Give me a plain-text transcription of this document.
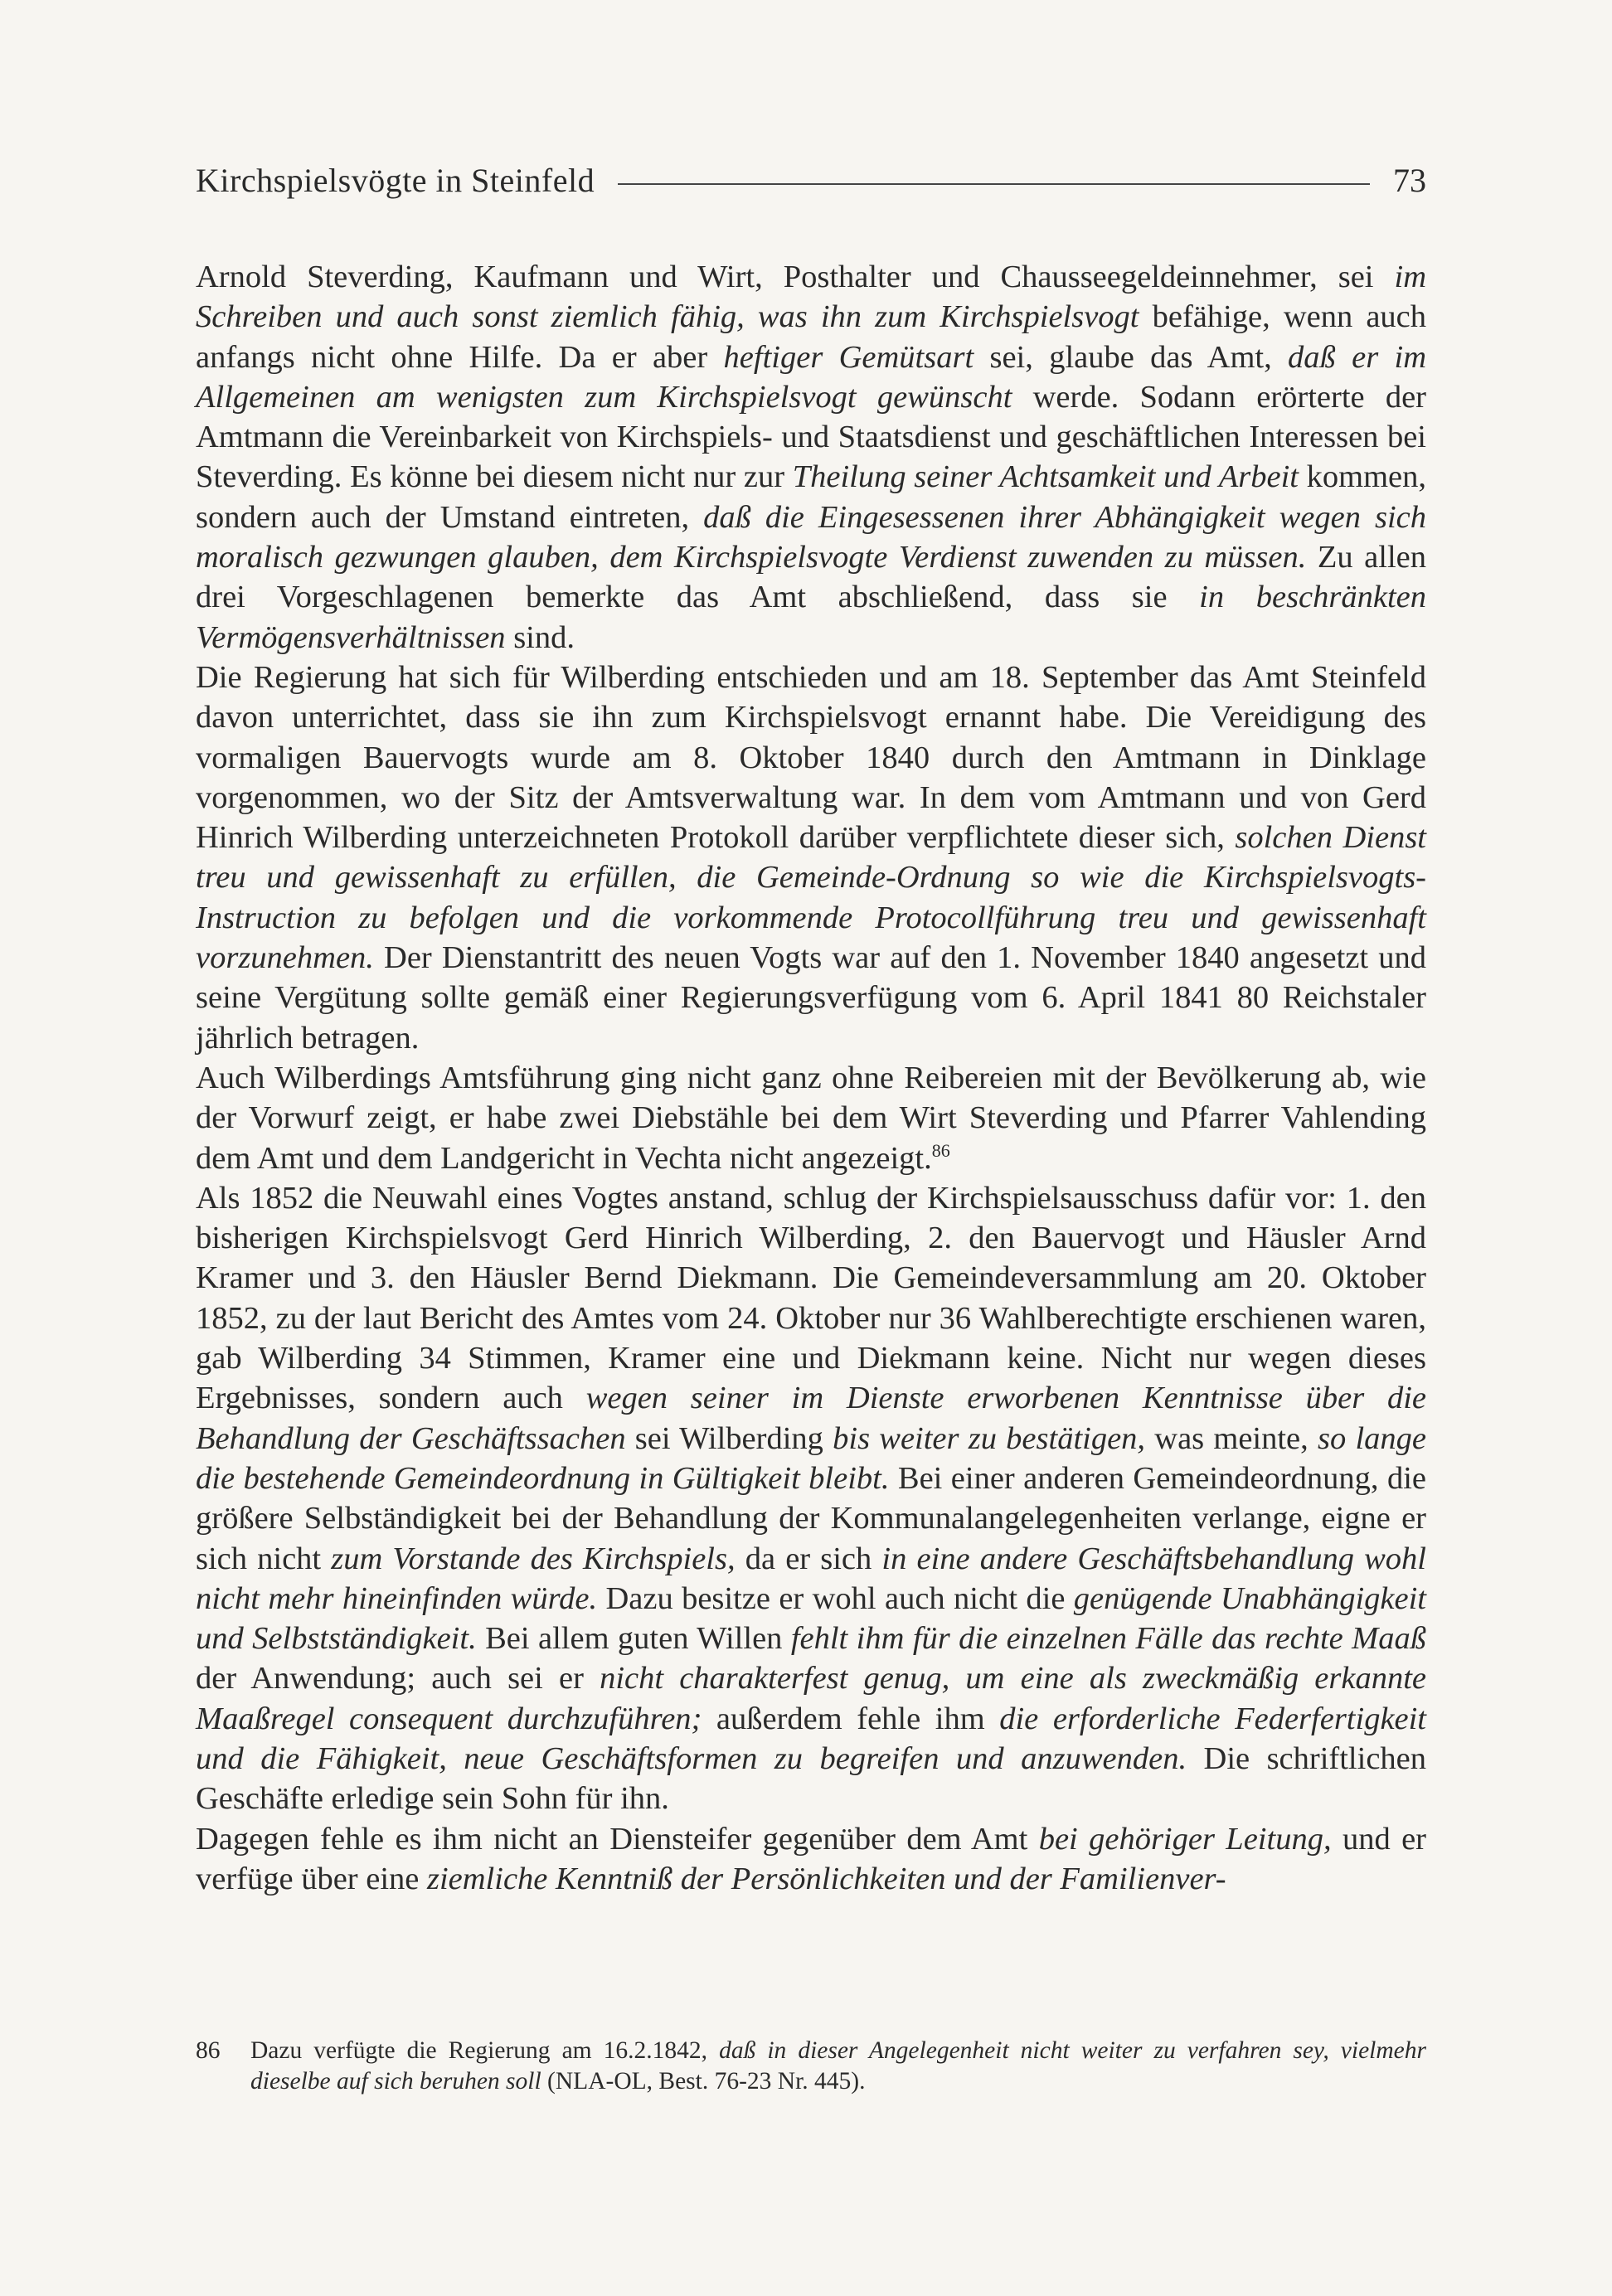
Kirchspielsvögte in Steinfeld	73

Arnold Steverding, Kaufmann und Wirt, Posthalter und Chausseegeldeinnehmer, sei im Schreiben und auch sonst ziemlich fähig, was ihn zum Kirchspielsvogt befähige, wenn auch anfangs nicht ohne Hilfe. Da er aber heftiger Gemütsart sei, glaube das Amt, daß er im Allgemeinen am wenigsten zum Kirchspielsvogt gewünscht werde. Sodann erörterte der Amtmann die Vereinbarkeit von Kirchspiels- und Staatsdienst und geschäftlichen Interessen bei Steverding. Es könne bei diesem nicht nur zur Theilung seiner Achtsamkeit und Arbeit kommen, sondern auch der Umstand eintreten, daß die Eingesessenen ihrer Abhängigkeit wegen sich moralisch gezwungen glauben, dem Kirchspielsvogte Verdienst zuwenden zu müssen. Zu allen drei Vorgeschlagenen bemerkte das Amt abschließend, dass sie in beschränkten Vermögensverhältnissen sind.

Die Regierung hat sich für Wilberding entschieden und am 18. September das Amt Steinfeld davon unterrichtet, dass sie ihn zum Kirchspielsvogt ernannt habe. Die Vereidigung des vormaligen Bauervogts wurde am 8. Oktober 1840 durch den Amtmann in Dinklage vorgenommen, wo der Sitz der Amtsverwaltung war. In dem vom Amtmann und von Gerd Hinrich Wilberding unterzeichneten Protokoll darüber verpflichtete dieser sich, solchen Dienst treu und gewissenhaft zu erfüllen, die Gemeinde-Ordnung so wie die Kirchspielsvogts-Instruction zu befolgen und die vorkommende Protocollführung treu und gewissenhaft vorzunehmen. Der Dienstantritt des neuen Vogts war auf den 1. November 1840 angesetzt und seine Vergütung sollte gemäß einer Regierungsverfügung vom 6. April 1841 80 Reichstaler jährlich betragen.

Auch Wilberdings Amtsführung ging nicht ganz ohne Reibereien mit der Bevölkerung ab, wie der Vorwurf zeigt, er habe zwei Diebstähle bei dem Wirt Steverding und Pfarrer Vahlending dem Amt und dem Landgericht in Vechta nicht angezeigt.$^{86}$
Als 1852 die Neuwahl eines Vogtes anstand, schlug der Kirchspielsausschuss dafür vor: 1. den bisherigen Kirchspielsvogt Gerd Hinrich Wilberding, 2. den Bauervogt und Häusler Arnd Kramer und 3. den Häusler Bernd Diekmann. Die Gemeindeversammlung am 20. Oktober 1852, zu der laut Bericht des Amtes vom 24. Oktober nur 36 Wahlberechtigte erschienen waren, gab Wilberding 34 Stimmen, Kramer eine und Diekmann keine. Nicht nur wegen dieses Ergebnisses, sondern auch wegen seiner im Dienste erworbenen Kenntnisse über die Behandlung der Geschäftssachen sei Wilberding bis weiter zu bestätigen, was meinte, so lange die bestehende Gemeindeordnung in Gültigkeit bleibt. Bei einer anderen Gemeindeordnung, die größere Selbständigkeit bei der Behandlung der Kommunalangelegenheiten verlange, eigne er sich nicht zum Vorstande des Kirchspiels, da er sich in eine andere Geschäftsbehandlung wohl nicht mehr hineinfinden würde. Dazu besitze er wohl auch nicht die genügende Unabhängigkeit und Selbstständigkeit. Bei allem guten Willen fehlt ihm für die einzelnen Fälle das rechte Maaß der Anwendung; auch sei er nicht charakterfest genug, um eine als zweckmäßig erkannte Maaßregel consequent durchzuführen; außerdem fehle ihm die erforderliche Federfertigkeit und die Fähigkeit, neue Geschäftsformen zu begreifen und anzuwenden. Die schriftlichen Geschäfte erledige sein Sohn für ihn.

Dagegen fehle es ihm nicht an Diensteifer gegenüber dem Amt bei gehöriger Leitung, und er verfüge über eine ziemliche Kenntniß der Persönlichkeiten und der Familienver-

86	Dazu verfügte die Regierung am 16.2.1842, daß in dieser Angelegenheit nicht weiter zu verfahren sey, vielmehr dieselbe auf sich beruhen soll (NLA-OL, Best. 76-23 Nr. 445).
